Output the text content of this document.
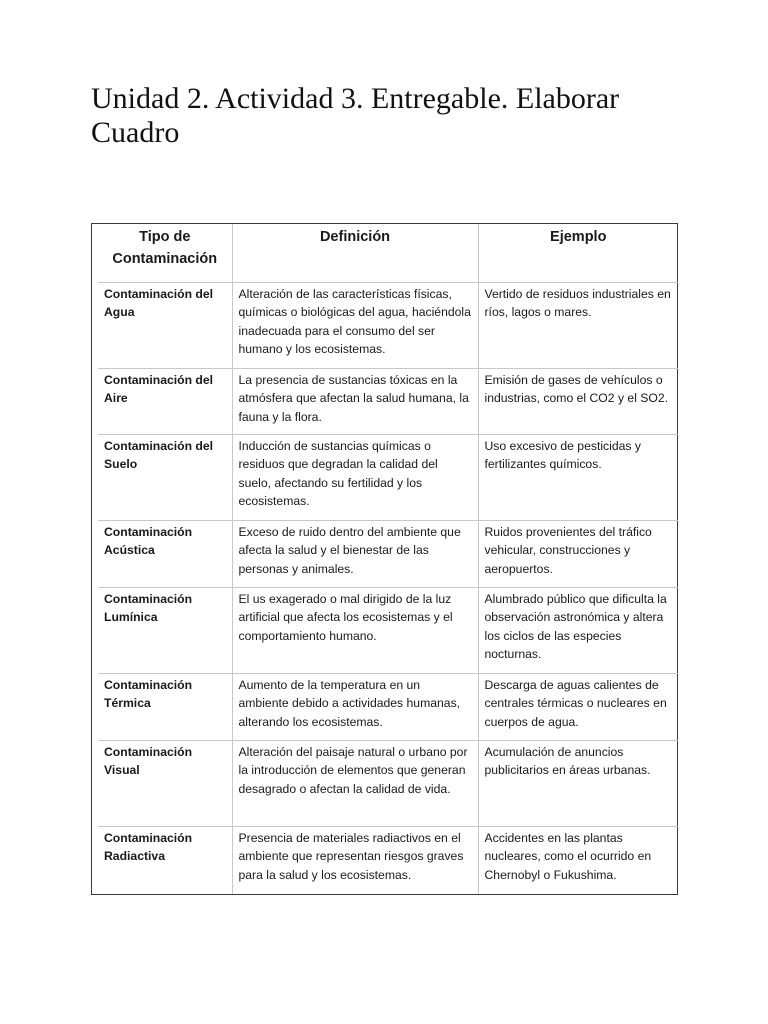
Unidad 2. Actividad 3. Entregable. Elaborar Cuadro
Tipo de Contaminación	Definición	Ejemplo
Contaminación del Agua	Alteración de las características físicas, químicas o biológicas del agua, haciéndola inadecuada para el consumo del ser humano y los ecosistemas.	Vertido de residuos industriales en ríos, lagos o mares.
Contaminación del Aire	La presencia de sustancias tóxicas en la atmósfera que afectan la salud humana, la fauna y la flora.	Emisión de gases de vehículos o industrias, como el CO2 y el SO2.
Contaminación del Suelo	Inducción de sustancias químicas o residuos que degradan la calidad del suelo, afectando su fertilidad y los ecosistemas.	Uso excesivo de pesticidas y fertilizantes químicos.
Contaminación Acústica	Exceso de ruido dentro del ambiente que afecta la salud y el bienestar de las personas y animales.	Ruidos provenientes del tráfico vehicular, construcciones y aeropuertos.
Contaminación Lumínica	El us exagerado o mal dirigido de la luz artificial que afecta los ecosistemas y el comportamiento humano.	Alumbrado público que dificulta la observación astronómica y altera los ciclos de las especies nocturnas.
Contaminación Térmica	Aumento de la temperatura en un ambiente debido a actividades humanas, alterando los ecosistemas.	Descarga de aguas calientes de centrales térmicas o nucleares en cuerpos de agua.
Contaminación Visual	Alteración del paisaje natural o urbano por la introducción de elementos que generan desagrado o afectan la calidad de vida.	Acumulación de anuncios publicitarios en áreas urbanas.
Contaminación Radiactiva	Presencia de materiales radiactivos en el ambiente que representan riesgos graves para la salud y los ecosistemas.	Accidentes en las plantas nucleares, como el ocurrido en Chernobyl o Fukushima.
